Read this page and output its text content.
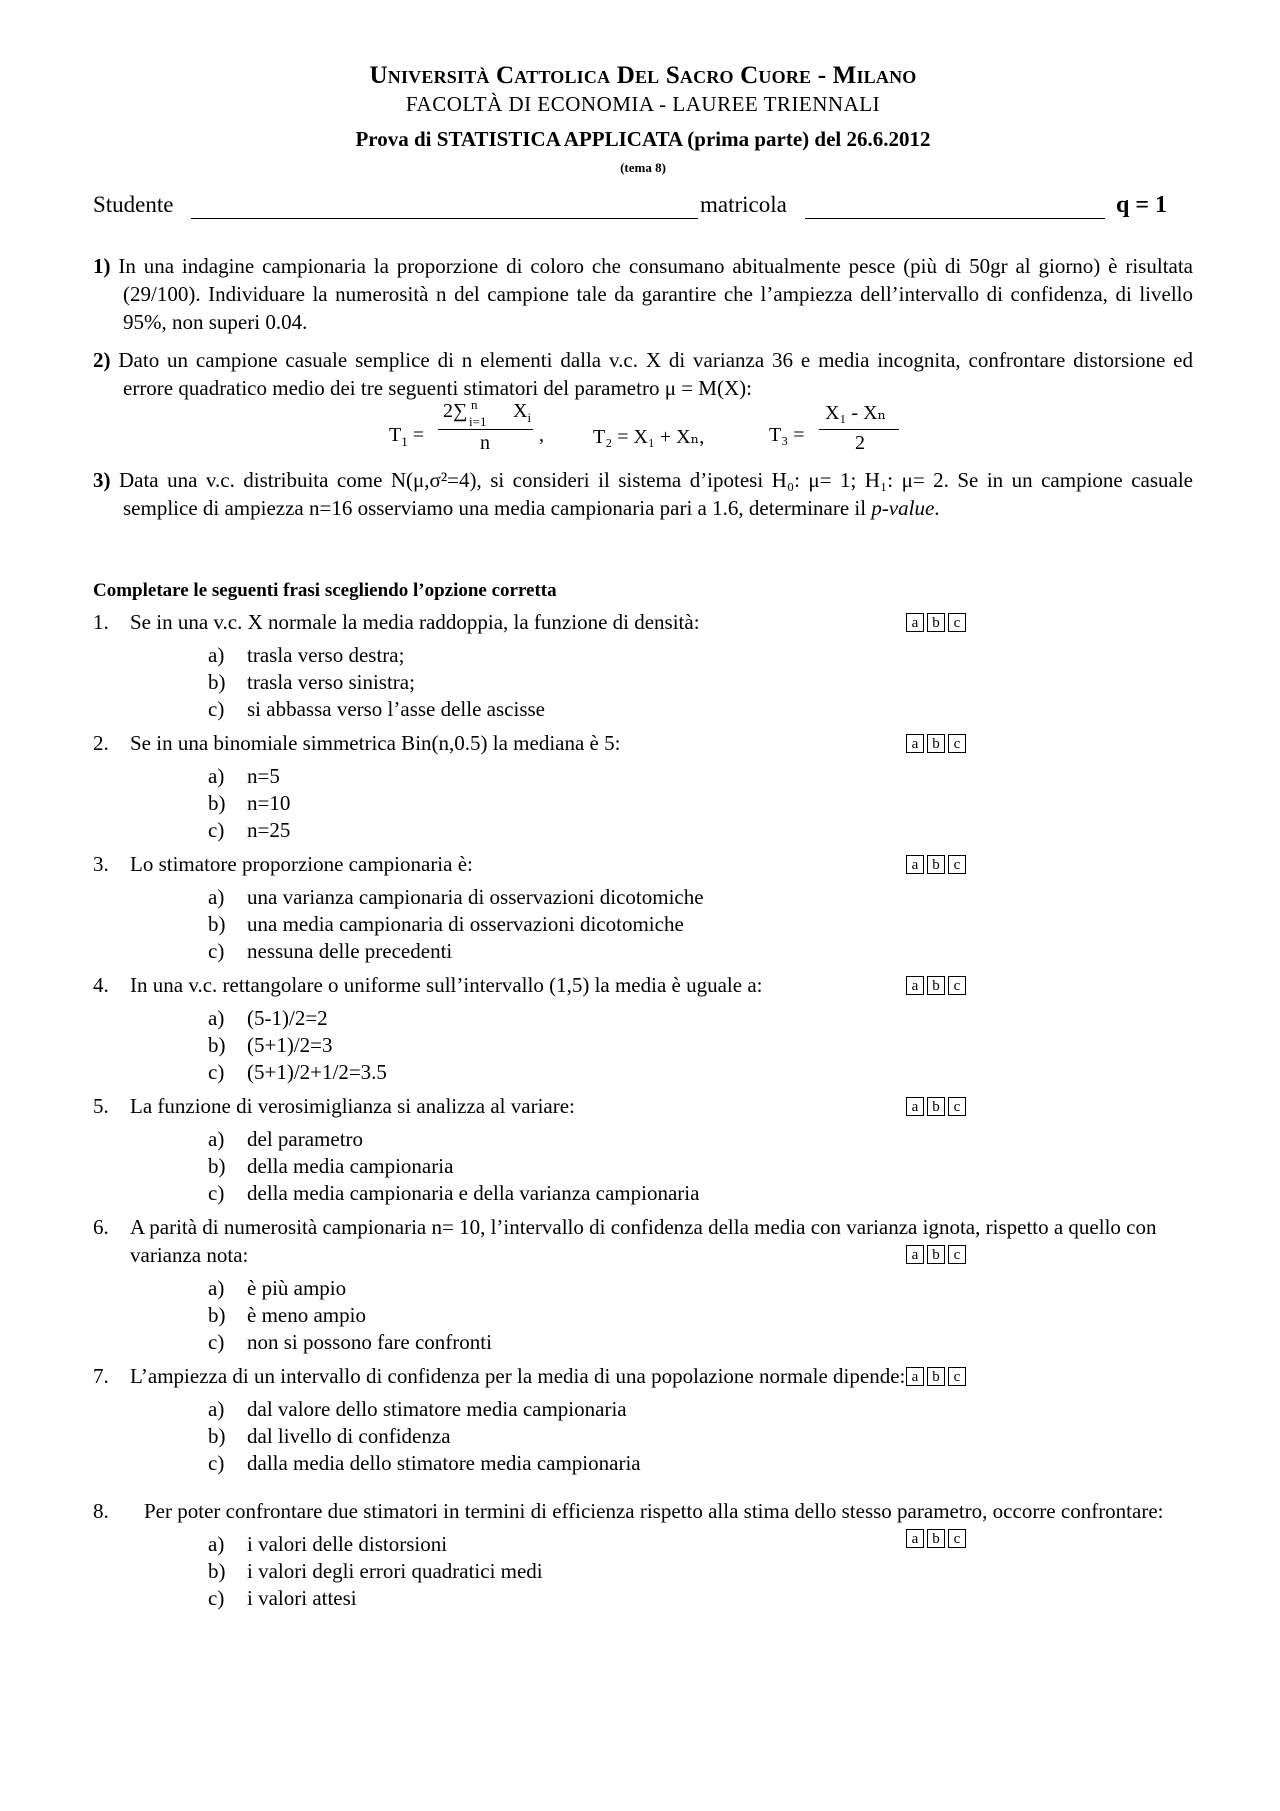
Università Cattolica Del Sacro Cuore - Milano
FACOLTÀ DI ECONOMIA - LAUREE TRIENNALI
Prova di STATISTICA APPLICATA (prima parte) del 26.6.2012
(tema 8)
Studente	matricola	q = 1
1) In una indagine campionaria la proporzione di coloro che consumano abitualmente pesce (più di 50gr al giorno) è risultata (29/100). Individuare la numerosità n del campione tale da garantire che l’ampiezza dell’intervallo di confidenza, di livello 95%, non superi 0.04.
2) Dato un campione casuale semplice di n elementi dalla v.c. X di varianza 36 e media incognita, confrontare distorsione ed errore quadratico medio dei tre seguenti stimatori del parametro μ = M(X):
$T_1$ =
2∑ n
i=1 $X_i$
n , T₂ = X₁ + Xₙ,	T₃ =
X₁ - Xₙ
2
3) Data una v.c. distribuita come N(μ,σ²=4), si consideri il sistema d’ipotesi H₀: μ= 1; H₁: μ= 2. Se in un campione casuale semplice di ampiezza n=16 osserviamo una media campionaria pari a 1.6, determinare il p-value.
Completare le seguenti frasi scegliendo l’opzione corretta
1. Se in una v.c. X normale la media raddoppia, la funzione di densità:	a b c
a) trasla verso destra;
b) trasla verso sinistra;
c) si abbassa verso l’asse delle ascisse
2. Se in una binomiale simmetrica Bin(n,0.5) la mediana è 5:	a b c
a) n=5
b) n=10
c) n=25
3. Lo stimatore proporzione campionaria è:	a b c
a) una varianza campionaria di osservazioni dicotomiche
b) una media campionaria di osservazioni dicotomiche
c) nessuna delle precedenti
4. In una v.c. rettangolare o uniforme sull’intervallo (1,5) la media è uguale a:	a b c
a) (5-1)/2=2
b) (5+1)/2=3
c) (5+1)/2+1/2=3.5
5. La funzione di verosimiglianza si analizza al variare:	a b c
a) del parametro
b) della media campionaria
c) della media campionaria e della varianza campionaria
6. A parità di numerosità campionaria n= 10, l’intervallo di confidenza della media con varianza ignota, rispetto a quello con varianza nota:	a b c
a) è più ampio
b) è meno ampio
c) non si possono fare confronti
7. L’ampiezza di un intervallo di confidenza per la media di una popolazione normale dipende: a b c
a) dal valore dello stimatore media campionaria
b) dal livello di confidenza
c) dalla media dello stimatore media campionaria
8. Per poter confrontare due stimatori in termini di efficienza rispetto alla stima dello stesso parametro, occorre confrontare:
a b c
a) i valori delle distorsioni
b) i valori degli errori quadratici medi
c) i valori attesi
